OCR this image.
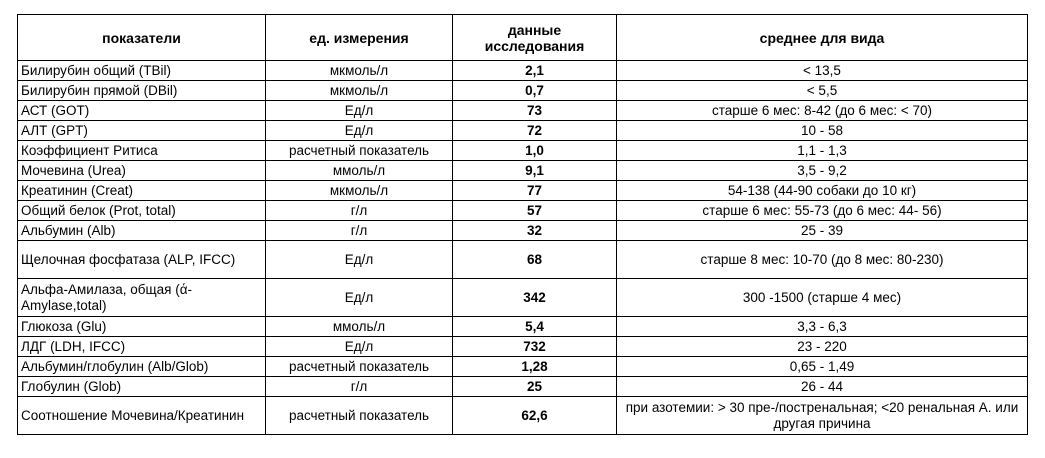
показатели	ед. измерения	данные исследования	среднее для вида
Билирубин общий (TBil)	мкмоль/л	2,1	< 13,5
Билирубин прямой (DBil)	мкмоль/л	0,7	< 5,5
АСТ (GOT)	Ед/л	73	старше 6 мес: 8-42 (до 6 мес: < 70)
АЛТ (GPT)	Ед/л	72	10 - 58
Коэффициент Ритиса	расчетный показатель	1,0	1,1 - 1,3
Мочевина (Urea)	ммоль/л	9,1	3,5 - 9,2
Креатинин (Creat)	мкмоль/л	77	54-138 (44-90 собаки до 10 кг)
Общий белок (Prot, total)	г/л	57	старше 6 мес: 55-73 (до 6 мес: 44- 56)
Альбумин (Alb)	г/л	32	25 - 39
Щелочная фосфатаза (ALP, IFCC)	Ед/л	68	старше 8 мес: 10-70 (до 8 мес: 80-230)
Альфа-Амилаза, общая (ά-Amylase,total)	Ед/л	342	300 -1500 (старше 4 мес)
Глюкоза (Glu)	ммоль/л	5,4	3,3 - 6,3
ЛДГ (LDH, IFCC)	Ед/л	732	23 - 220
Альбумин/глобулин (Alb/Glob)	расчетный показатель	1,28	0,65 - 1,49
Глобулин (Glob)	г/л	25	26 - 44
Соотношение Мочевина/Креатинин	расчетный показатель	62,6	при азотемии: > 30 пре-/постренальная; <20 ренальная А. или другая причина
